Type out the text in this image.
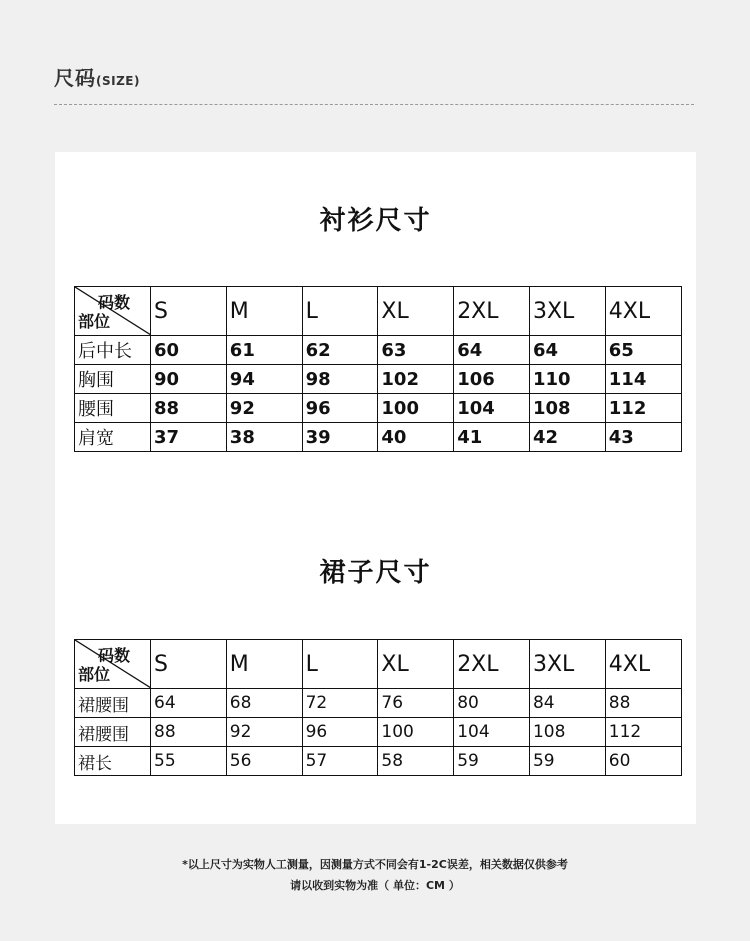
尺码(SIZE)
衬衫尺寸
码数
部位	S	M	L	XL	2XL	3XL	4XL
后中长	60	61	62	63	64	64	65
胸围	90	94	98	102	106	110	114
腰围	88	92	96	100	104	108	112
肩宽	37	38	39	40	41	42	43
裙子尺寸
码数
部位	S	M	L	XL	2XL	3XL	4XL
裙腰围	64	68	72	76	80	84	88
裙腰围	88	92	96	100	104	108	112
裙长	55	56	57	58	59	59	60
*以上尺寸为实物人工测量，因测量方式不同会有1-2C误差，相关数据仅供参考
请以收到实物为准（ 单位：CM ）
